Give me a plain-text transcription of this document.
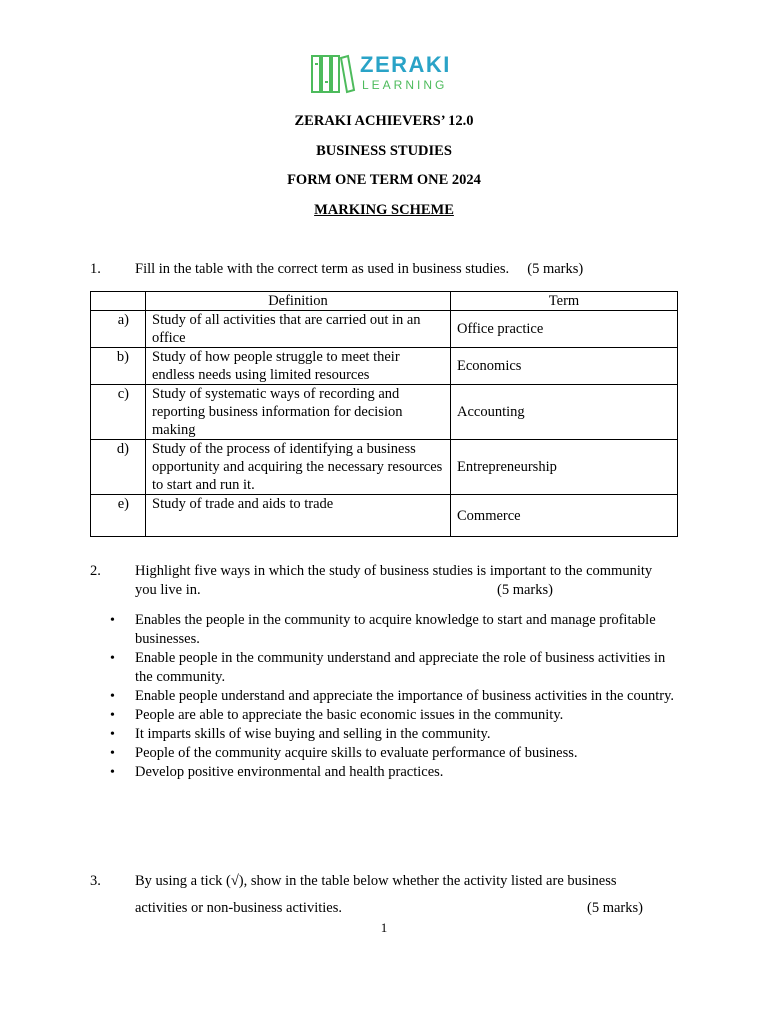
ZERAKI
LEARNING
ZERAKI ACHIEVERS’ 12.0
BUSINESS STUDIES
FORM ONE TERM ONE 2024
MARKING SCHEME
1. Fill in the table with the correct term as used in business studies. (5 marks)
	Definition	Term
a)	Study of all activities that are carried out in an office	Office practice
b)	Study of how people struggle to meet their endless needs using limited resources	Economics
c)	Study of systematic ways of recording and reporting business information for decision making	Accounting
d)	Study of the process of identifying a business opportunity and acquiring the necessary resources to start and run it.	Entrepreneurship
e)	Study of trade and aids to trade	Commerce
2. Highlight five ways in which the study of business studies is important to the community
you live in.	(5 marks)
• Enables the people in the community to acquire knowledge to start and manage profitable businesses.
• Enable people in the community understand and appreciate the role of business activities in the community.
• Enable people understand and appreciate the importance of business activities in the country.
• People are able to appreciate the basic economic issues in the community.
• It imparts skills of wise buying and selling in the community.
• People of the community acquire skills to evaluate performance of business.
• Develop positive environmental and health practices.
3. By using a tick (√), show in the table below whether the activity listed are business
activities or non-business activities.	(5 marks)
1
